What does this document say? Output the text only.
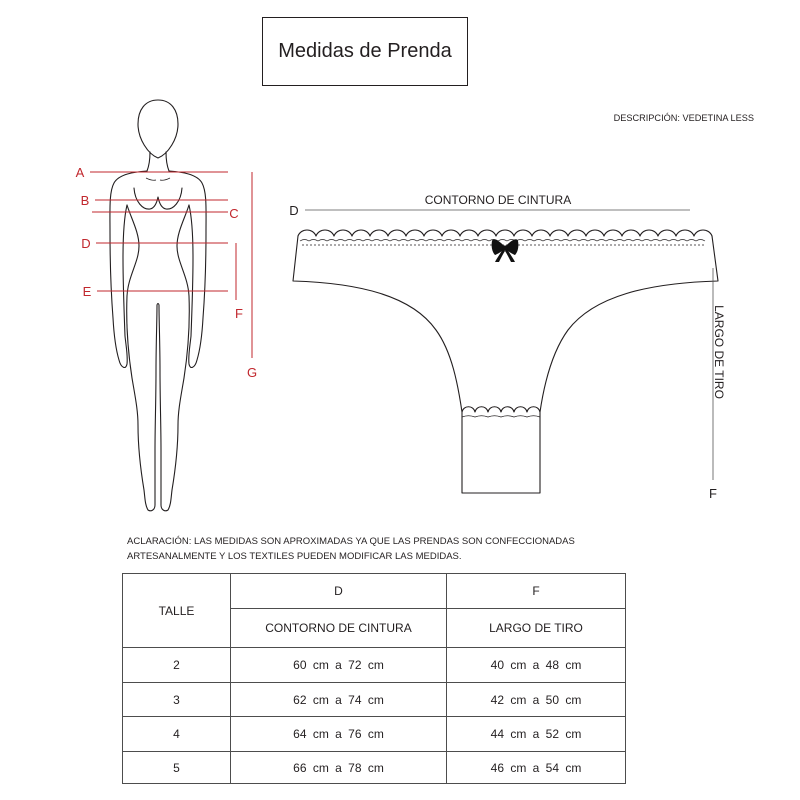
Medidas de Prenda
DESCRIPCIÓN: VEDETINA LESS
A
B
C
D
E
F
G
CONTORNO DE CINTURA
D
LARGO DE TIRO
F
ACLARACIÓN: LAS MEDIDAS SON APROXIMADAS YA QUE LAS PRENDAS SON CONFECCIONADAS
ARTESANALMENTE Y LOS TEXTILES PUEDEN MODIFICAR LAS MEDIDAS.
TALLE	D	F
	CONTORNO DE CINTURA	LARGO DE TIRO
2	60 cm a 72 cm	40 cm a 48 cm
3	62 cm a 74 cm	42 cm a 50 cm
4	64 cm a 76 cm	44 cm a 52 cm
5	66 cm a 78 cm	46 cm a 54 cm
